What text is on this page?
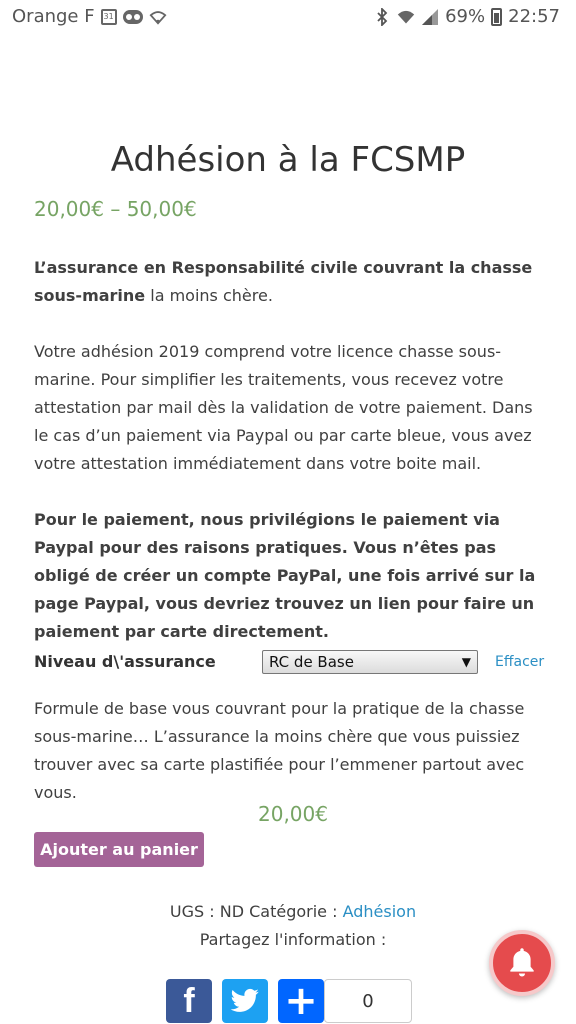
Orange F	31	69% 22:57
Adhésion à la FCSMP
20,00€ – 50,00€
L’assurance en Responsabilité civile couvrant la chasse sous-marine la moins chère.
Votre adhésion 2019 comprend votre licence chasse sous-marine. Pour simplifier les traitements, vous recevez votre attestation par mail dès la validation de votre paiement. Dans le cas d’un paiement via Paypal ou par carte bleue, vous avez votre attestation immédiatement dans votre boite mail.
Pour le paiement, nous privilégions le paiement via Paypal pour des raisons pratiques. Vous n’êtes pas obligé de créer un compte PayPal, une fois arrivé sur la page Paypal, vous devriez trouvez un lien pour faire un paiement par carte directement.
Niveau d\'assurance	RC de Base	▼ Effacer
Formule de base vous couvrant pour la pratique de la chasse sous-marine… L’assurance la moins chère que vous puissiez trouver avec sa carte plastifiée pour l’emmener partout avec vous.
20,00€
Ajouter au panier
UGS : ND Catégorie : Adhésion
Partagez l'information :
f +	0
